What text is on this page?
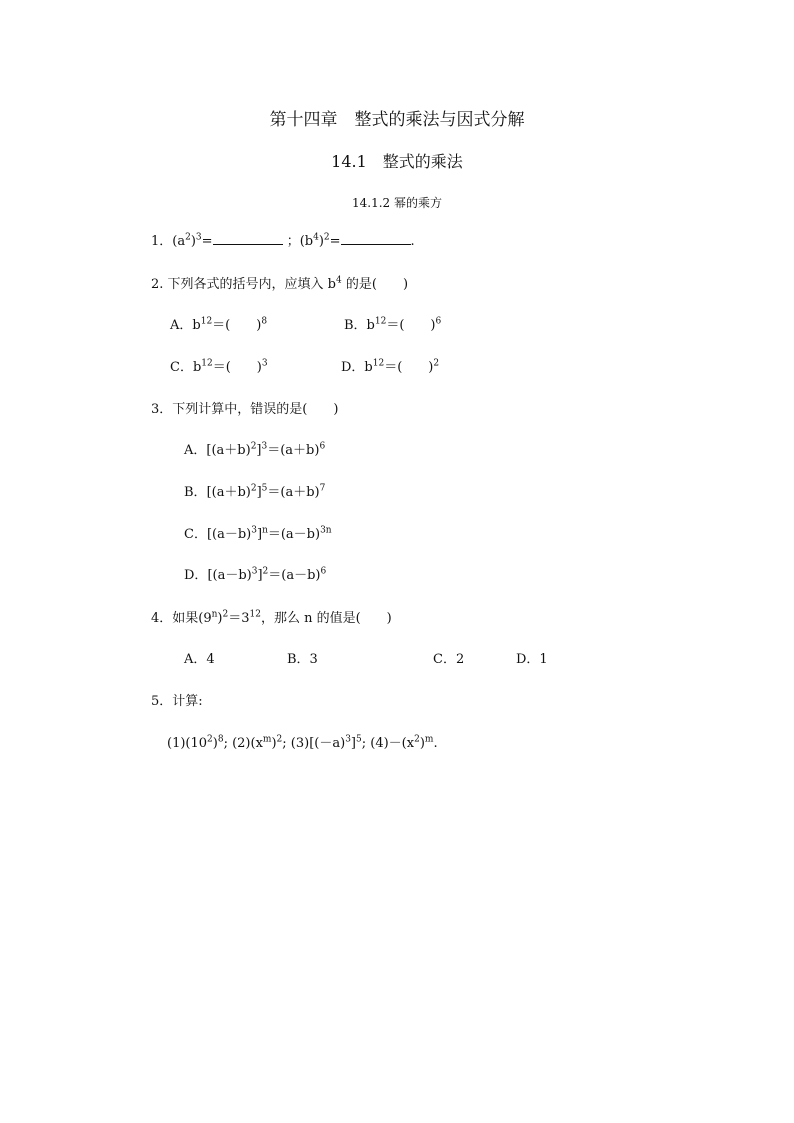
第十四章　整式的乘法与因式分解
14.1　整式的乘法
14.1.2 幂的乘方
1．$(a^2)^3=$	；$(b^4)^2=$	.
2. 下列各式的括号内，应填入 $b^4$ 的是(　　)
A．$b^{12}=$(　　)$^8$	B．$b^{12}=$(　　)$^6$
C．$b^{12}=$(　　)$^3$	D．$b^{12}=$(　　)$^2$
3．下列计算中，错误的是(　　)
A．$[(a+b)^2]^3=(a+b)^6$
B．$[(a+b)^2]^5=(a+b)^7$
C．$[(a-b)^3]^n=(a-b)^{3n}$
D．$[(a-b)^3]^2=(a-b)^6$
4．如果$(9^n)^2=3^{12}$，那么 n 的值是(　　)
A．4	B．3	C．2	D．1
5．计算:
$(1)(10^2)^8$; $(2)(x^m)^2$; $(3)[(-a)^3]^5$; $(4)-(x^2)^m$.
